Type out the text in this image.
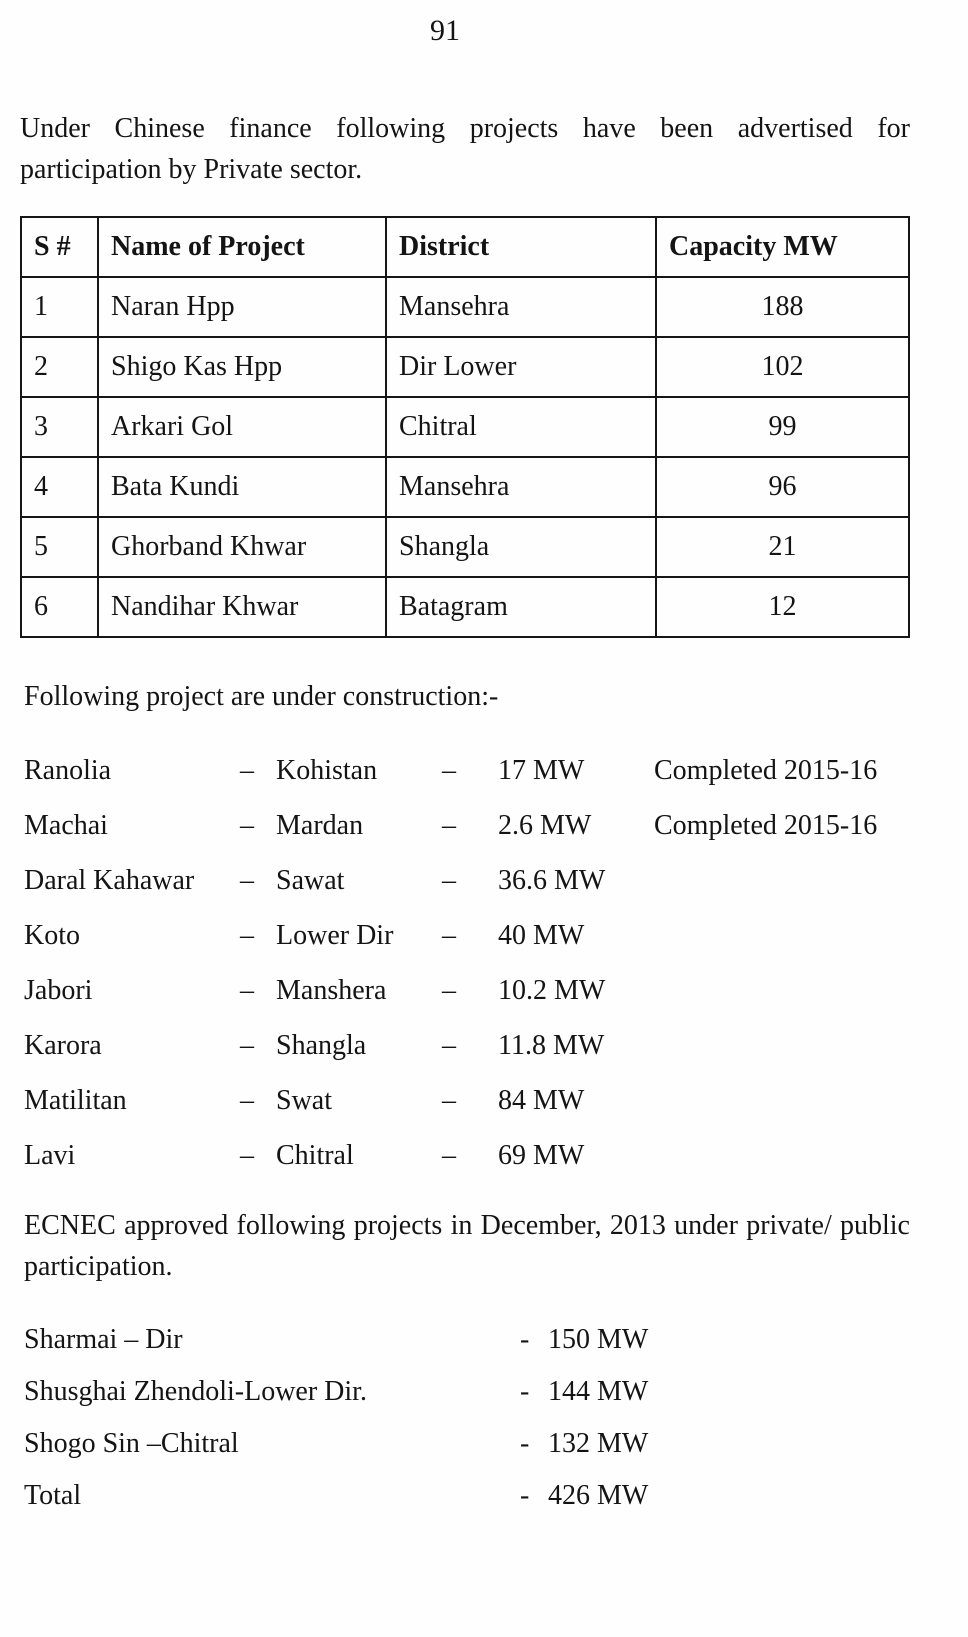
91

Under Chinese finance following projects have been advertised for participation by Private sector.

S #	Name of Project	District	Capacity MW
1	Naran Hpp	Mansehra	188
2	Shigo Kas Hpp	Dir Lower	102
3	Arkari Gol	Chitral	99
4	Bata Kundi	Mansehra	96
5	Ghorband Khwar	Shangla	21
6	Nandihar Khwar	Batagram	12

Following project are under construction:-

Ranolia	– Kohistan	–	17 MW	Completed 2015-16
Machai	– Mardan	–	2.6 MW	Completed 2015-16
Daral Kahawar	– Sawat	–	36.6 MW
Koto	– Lower Dir	–	40 MW
Jabori	– Manshera	–	10.2 MW
Karora	– Shangla	–	11.8 MW
Matilitan	– Swat	–	84 MW
Lavi	– Chitral	–	69 MW

ECNEC approved following projects in December, 2013 under private/ public participation.

Sharmai – Dir	- 150 MW
Shusghai Zhendoli-Lower Dir.	- 144 MW
Shogo Sin –Chitral	- 132 MW
Total	- 426 MW
